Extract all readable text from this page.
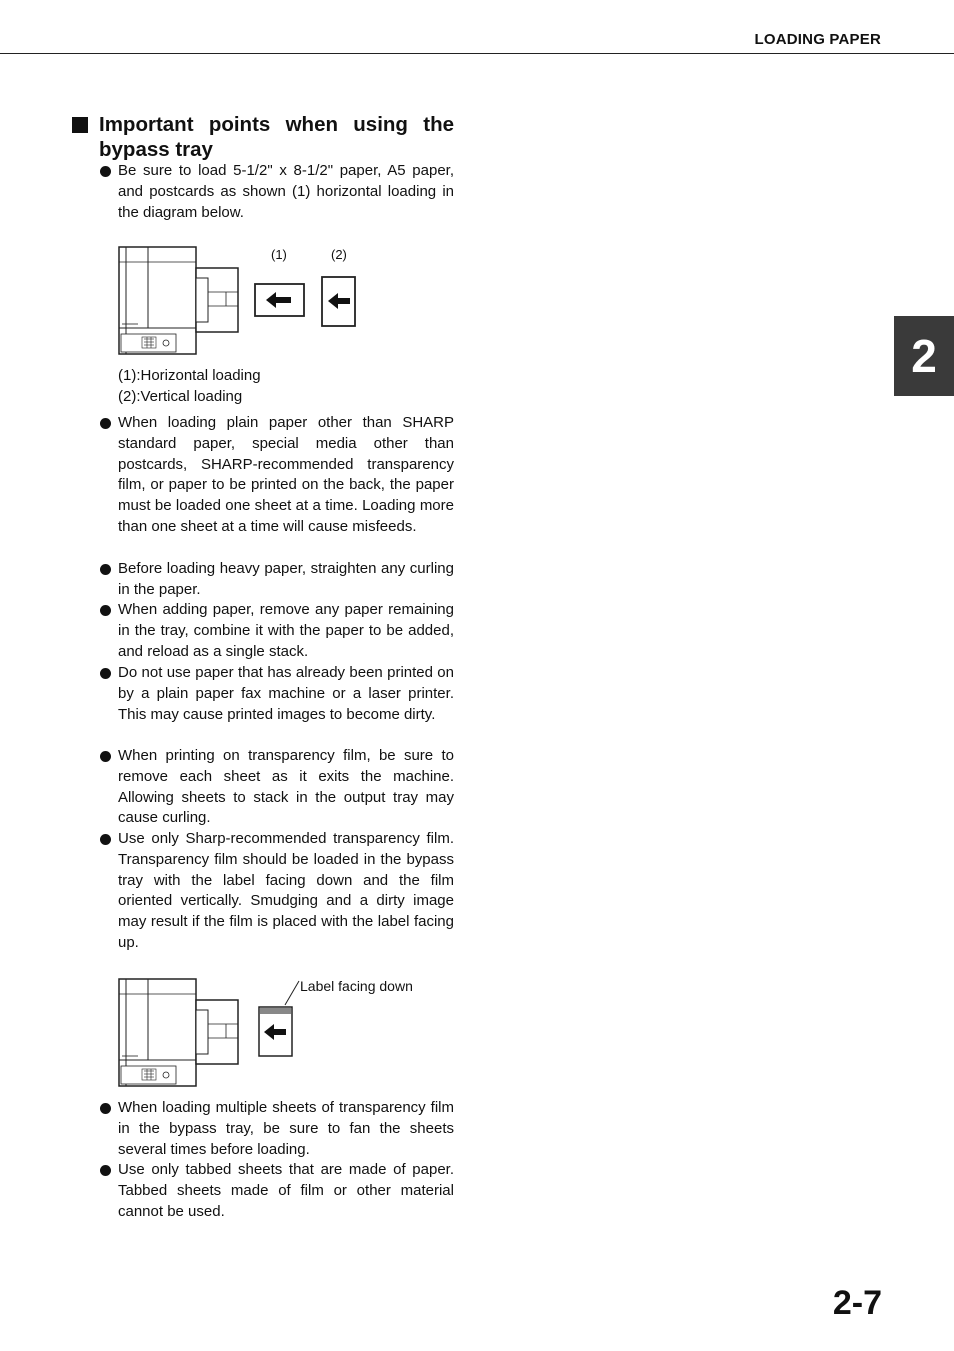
LOADING PAPER
2
Important points when using the bypass tray
Be sure to load 5-1/2" x 8-1/2" paper, A5 paper, and postcards as shown (1) horizontal loading in the diagram below.
(1)	(2)
(1):Horizontal loading
(2):Vertical loading
When loading plain paper other than SHARP standard paper, special media other than postcards, SHARP-recommended transparency film, or paper to be printed on the back, the paper must be loaded one sheet at a time. Loading more than one sheet at a time will cause misfeeds.
Before loading heavy paper, straighten any curling in the paper.
When adding paper, remove any paper remaining in the tray, combine it with the paper to be added, and reload as a single stack.
Do not use paper that has already been printed on by a plain paper fax machine or a laser printer. This may cause printed images to become dirty.
When printing on transparency film, be sure to remove each sheet as it exits the machine. Allowing sheets to stack in the output tray may cause curling.
Use only Sharp-recommended transparency film. Transparency film should be loaded in the bypass tray with the label facing down and the film oriented vertically. Smudging and a dirty image may result if the film is placed with the label facing up.
Label facing down
When loading multiple sheets of transparency film in the bypass tray, be sure to fan the sheets several times before loading.
Use only tabbed sheets that are made of paper. Tabbed sheets made of film or other material cannot be used.
2-7
